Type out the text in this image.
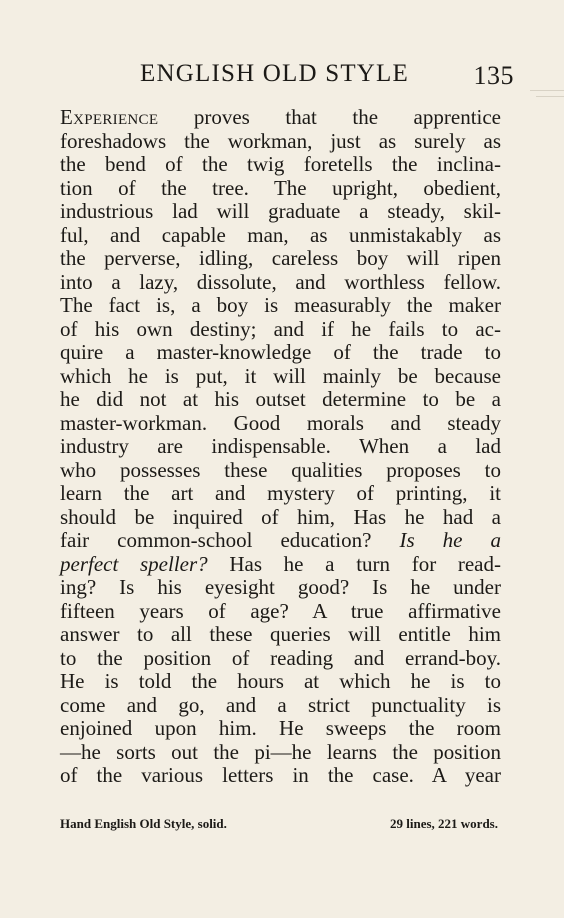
ENGLISH OLD STYLE 135
Experience proves that the apprentice
foreshadows the workman, just as surely as
the bend of the twig foretells the inclina-
tion of the tree. The upright, obedient,
industrious lad will graduate a steady, skil-
ful, and capable man, as unmistakably as
the perverse, idling, careless boy will ripen
into a lazy, dissolute, and worthless fellow.
The fact is, a boy is measurably the maker
of his own destiny; and if he fails to ac-
quire a master-knowledge of the trade to
which he is put, it will mainly be because
he did not at his outset determine to be a
master-workman. Good morals and steady
industry are indispensable. When a lad
who possesses these qualities proposes to
learn the art and mystery of printing, it
should be inquired of him, Has he had a
fair common-school education? Is he a
perfect speller? Has he a turn for read-
ing? Is his eyesight good? Is he under
fifteen years of age? A true affirmative
answer to all these queries will entitle him
to the position of reading and errand-boy.
He is told the hours at which he is to
come and go, and a strict punctuality is
enjoined upon him. He sweeps the room
—he sorts out the pi—he learns the position
of the various letters in the case. A year
Hand English Old Style, solid.	29 lines, 221 words.
